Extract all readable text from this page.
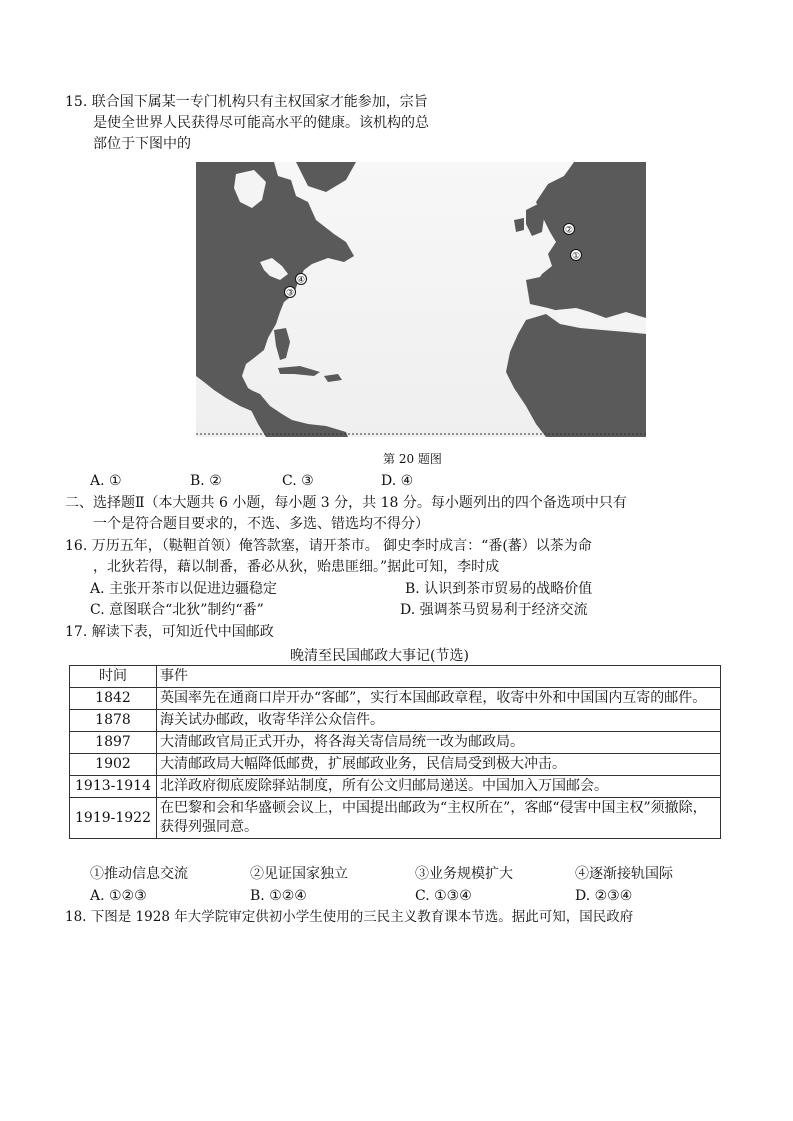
15. 联合国下属某一专门机构只有主权国家才能参加，宗旨
是使全世界人民获得尽可能高水平的健康。该机构的总
部位于下图中的
①
②
③
④
第 20 题图
A. ①	B. ②	C. ③	D. ④
二、选择题Ⅱ（本大题共 6 小题，每小题 3 分，共 18 分。每小题列出的四个备选项中只有
一个是符合题目要求的，不选、多选、错选均不得分）
16. 万历五年，（鞑靼首领）俺答款塞，请开茶市。 御史李时成言：“番(蕃）以茶为命
，北狄若得，藉以制番，番必从狄，贻患匪细。”据此可知，李时成
A. 主张开茶市以促进边疆稳定	B. 认识到茶市贸易的战略价值
C. 意图联合“北狄”制约“番”	D. 强调茶马贸易利于经济交流
17. 解读下表，可知近代中国邮政
晚清至民国邮政大事记(节选)
时间	事件
1842	英国率先在通商口岸开办“客邮”，实行本国邮政章程，收寄中外和中国国内互寄的邮件。
1878	海关试办邮政，收寄华洋公众信件。
1897	大清邮政官局正式开办，将各海关寄信局统一改为邮政局。
1902	大清邮政局大幅降低邮费，扩展邮政业务，民信局受到极大冲击。
1913-1914	北洋政府彻底废除驿站制度，所有公文归邮局递送。中国加入万国邮会。
1919-1922	在巴黎和会和华盛顿会议上，中国提出邮政为“主权所在”，客邮“侵害中国主权”须撤除，获得列强同意。
①推动信息交流	②见证国家独立	③业务规模扩大	④逐渐接轨国际
A. ①②③	B. ①②④	C. ①③④	D. ②③④
18. 下图是 1928 年大学院审定供初小学生使用的三民主义教育课本节选。据此可知，国民政府
